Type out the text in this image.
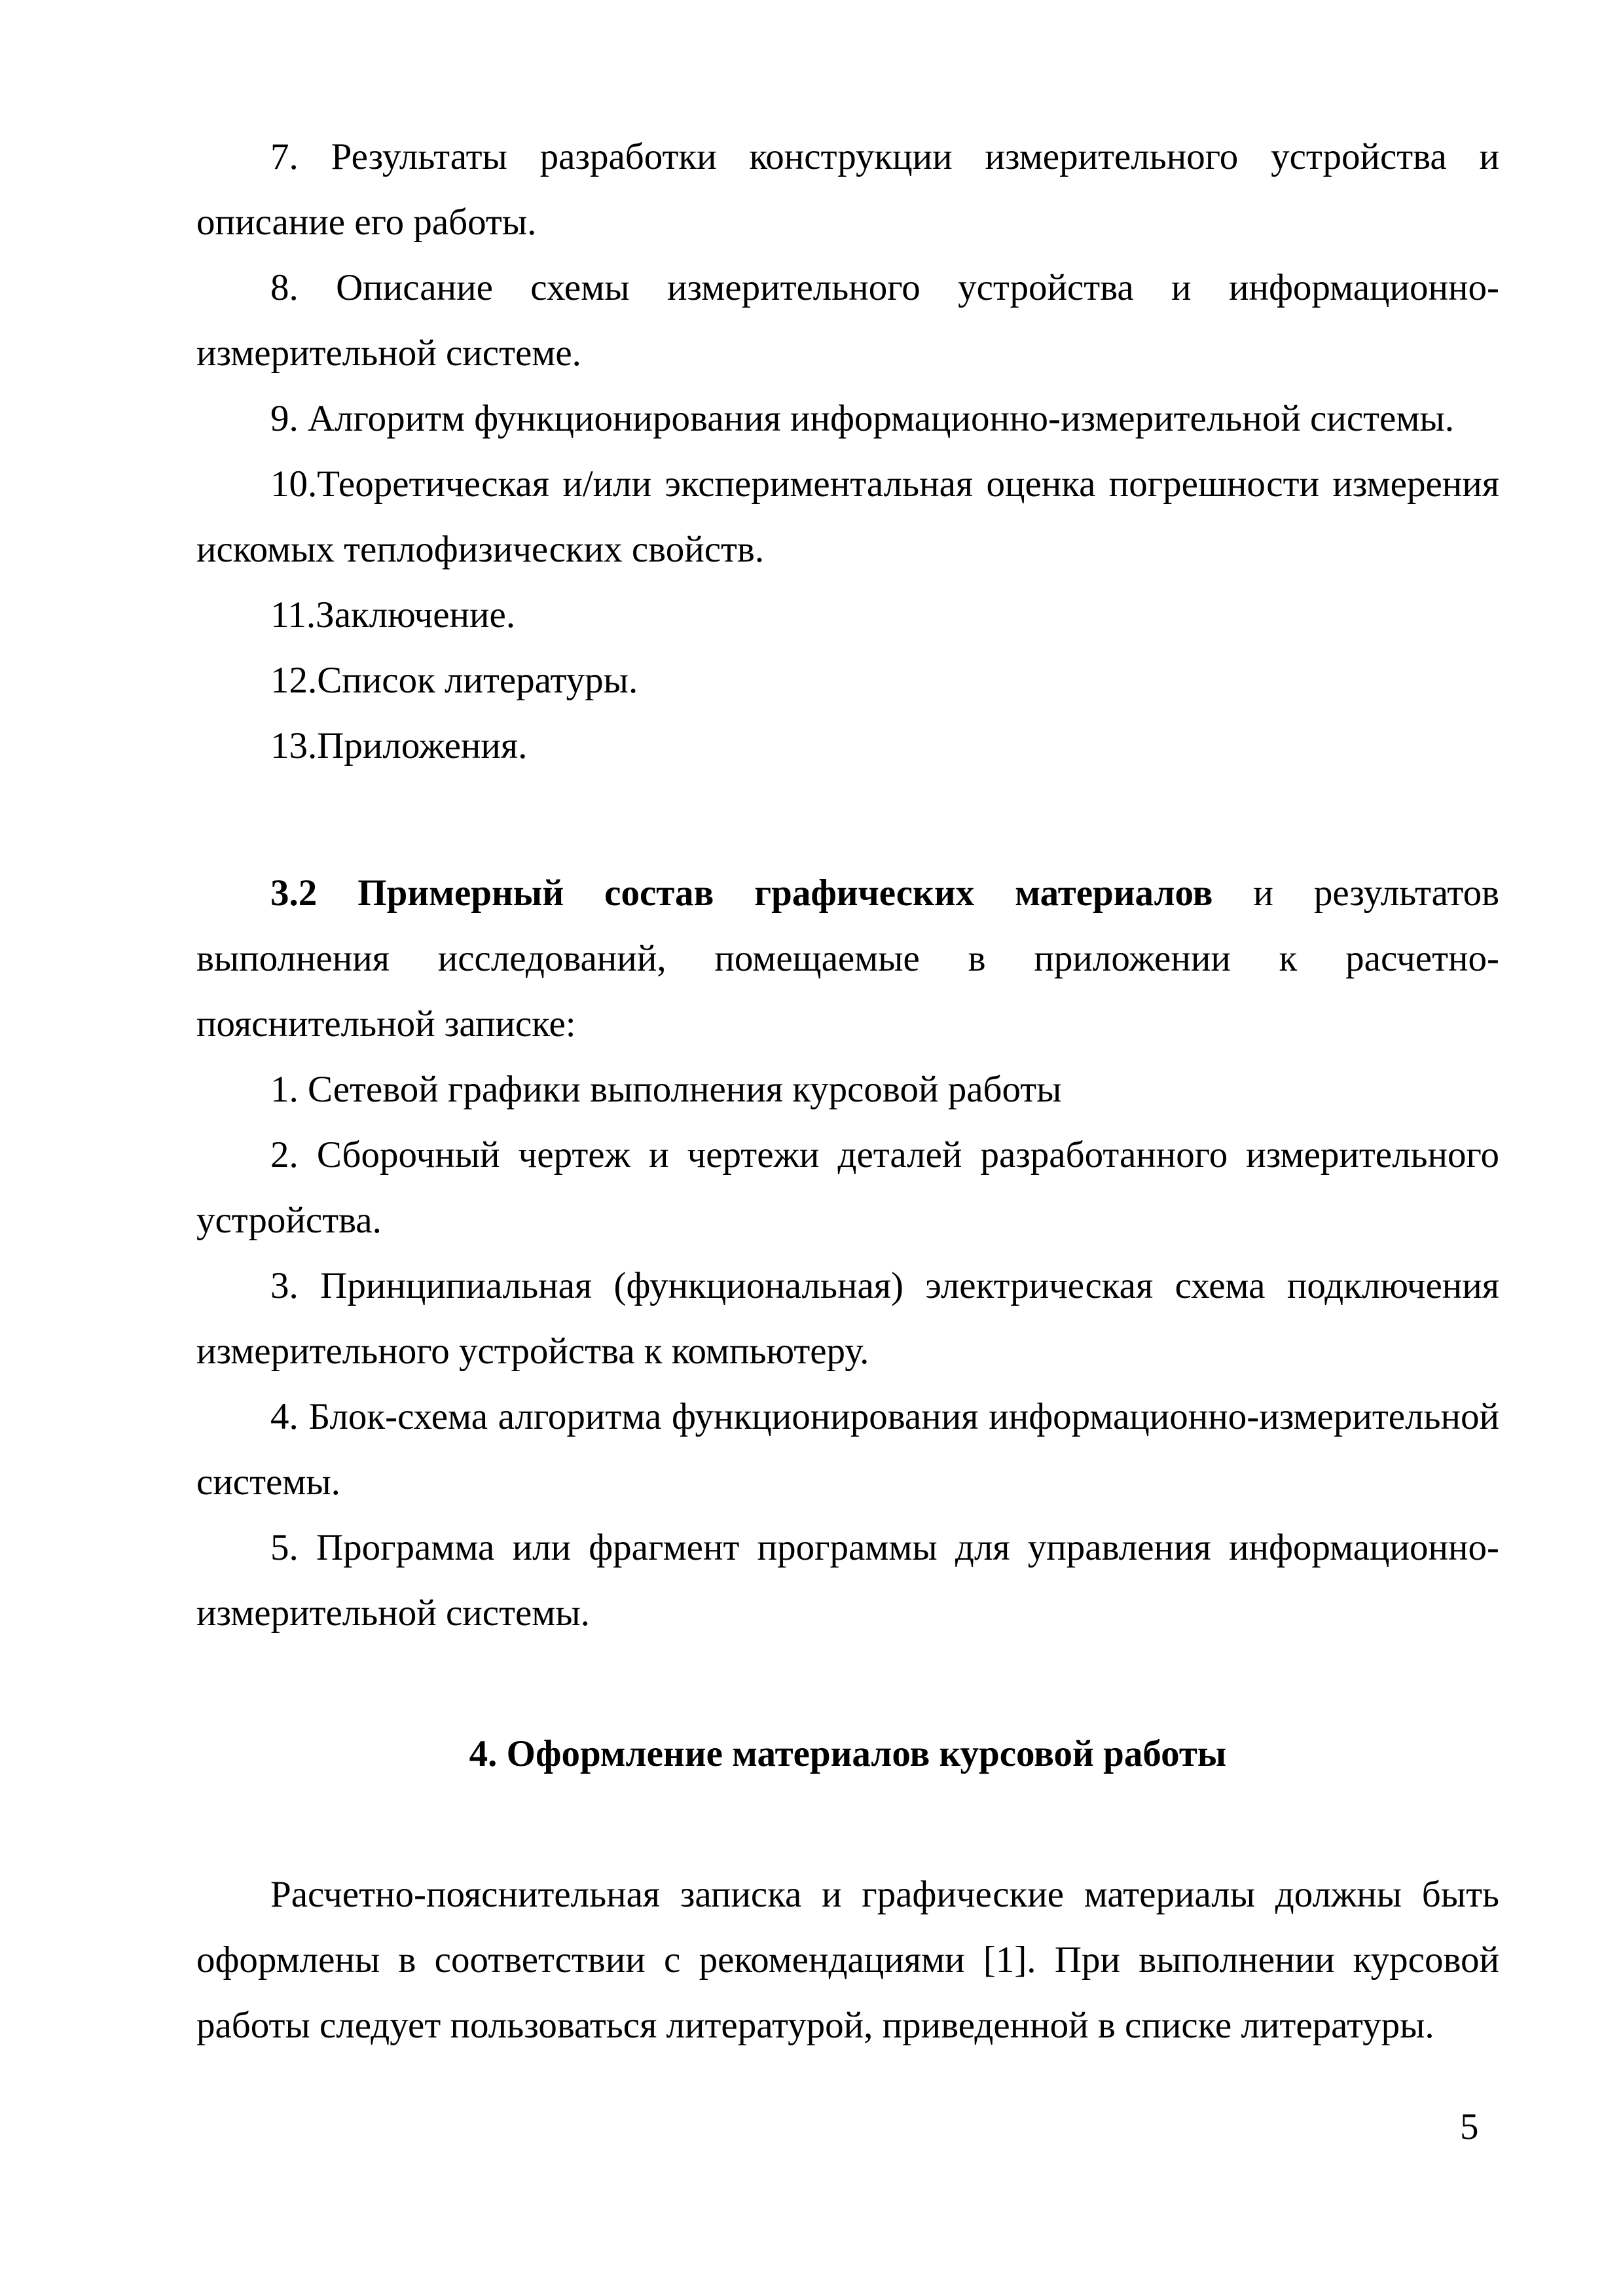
7. Результаты разработки конструкции измерительного устройства и описание его работы.

8. Описание схемы измерительного устройства и информационно-измерительной системе.

9. Алгоритм функционирования информационно-измерительной системы.

10.Теоретическая и/или экспериментальная оценка погрешности измерения искомых теплофизических свойств.

11.Заключение.

12.Список литературы.

13.Приложения.

3.2 Примерный состав графических материалов и результатов выполнения исследований, помещаемые в приложении к расчетно-пояснительной записке:

1. Сетевой графики выполнения курсовой работы

2. Сборочный чертеж и чертежи деталей разработанного измерительного устройства.

3. Принципиальная (функциональная) электрическая схема подключения измерительного устройства к компьютеру.

4. Блок-схема алгоритма функционирования информационно-измерительной системы.

5. Программа или фрагмент программы для управления информационно-измерительной системы.

4. Оформление материалов курсовой работы

Расчетно-пояснительная записка и графические материалы должны быть оформлены в соответствии с рекомендациями [1]. При выполнении курсовой работы следует пользоваться литературой, приведенной в списке литературы.

5
